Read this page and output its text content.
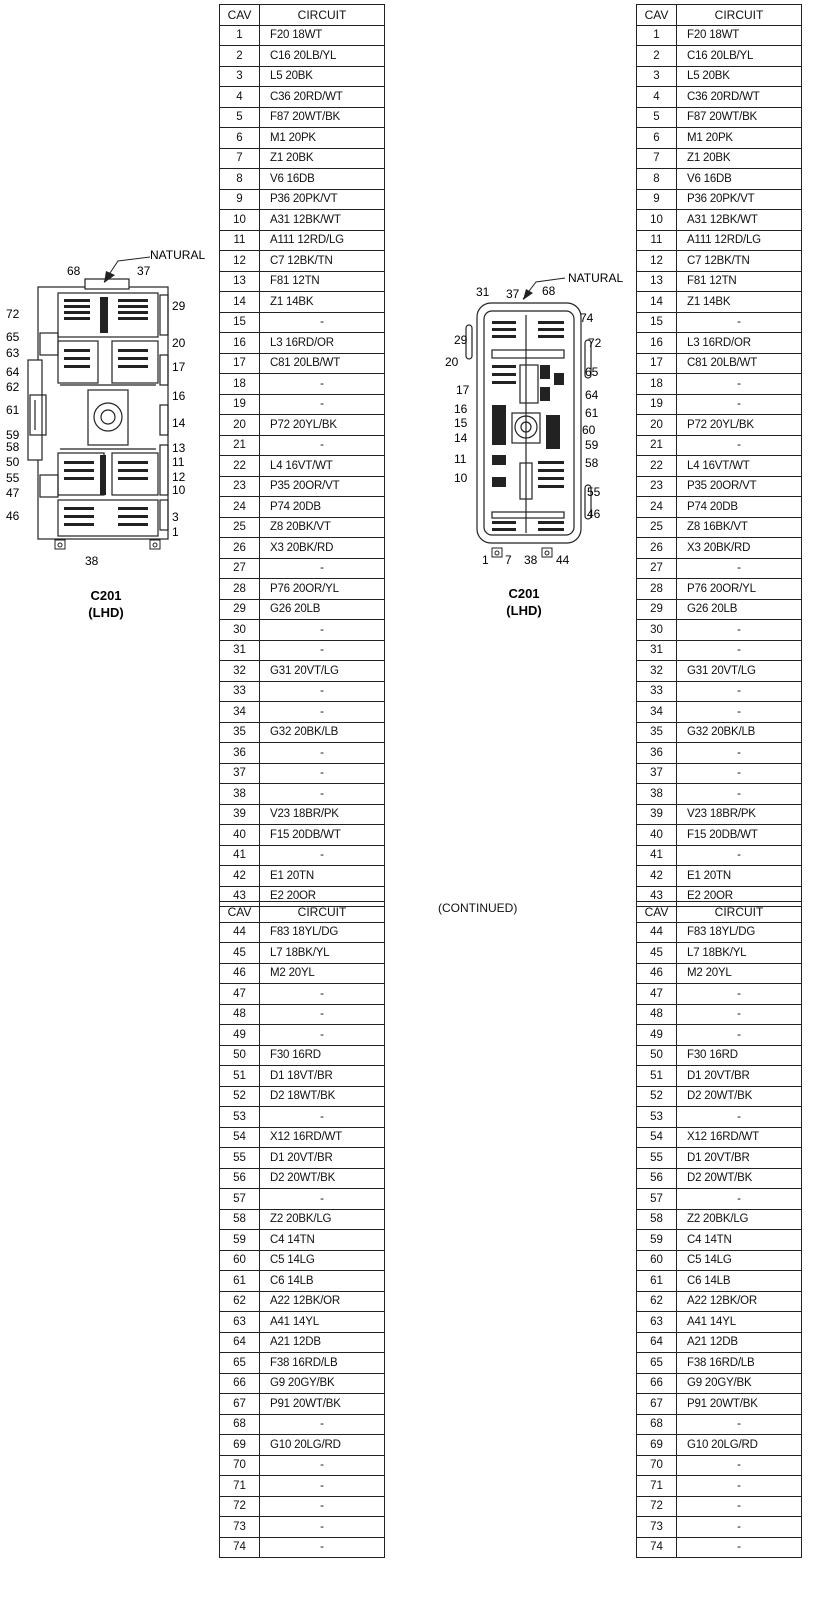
NATURAL
68	37
38
72
65
63
64
62
61
59
58
50
55
47
46
29
20
17
16
14
13
11
12
10
3
1
C201
(LHD)
NATURAL
31 37 68
1 7 38 44
29
20
17
16
15
14
11
10
74
72
65
64
61
60
59
58
55
46
C201
(LHD)
(CONTINUED)
CAV	CIRCUIT
1	F20 18WT
2	C16 20LB/YL
3	L5 20BK
4	C36 20RD/WT
5	F87 20WT/BK
6	M1 20PK
7	Z1 20BK
8	V6 16DB
9	P36 20PK/VT
10	A31 12BK/WT
11	A111 12RD/LG
12	C7 12BK/TN
13	F81 12TN
14	Z1 14BK
15	-
16	L3 16RD/OR
17	C81 20LB/WT
18	-
19	-
20	P72 20YL/BK
21	-
22	L4 16VT/WT
23	P35 20OR/VT
24	P74 20DB
25	Z8 20BK/VT
26	X3 20BK/RD
27	-
28	P76 20OR/YL
29	G26 20LB
30	-
31	-
32	G31 20VT/LG
33	-
34	-
35	G32 20BK/LB
36	-
37	-
38	-
39	V23 18BR/PK
40	F15 20DB/WT
41	-
42	E1 20TN
43	E2 20OR
CAV	CIRCUIT
44	F83 18YL/DG
45	L7 18BK/YL
46	M2 20YL
47	-
48	-
49	-
50	F30 16RD
51	D1 18VT/BR
52	D2 18WT/BK
53	-
54	X12 16RD/WT
55	D1 20VT/BR
56	D2 20WT/BK
57	-
58	Z2 20BK/LG
59	C4 14TN
60	C5 14LG
61	C6 14LB
62	A22 12BK/OR
63	A41 14YL
64	A21 12DB
65	F38 16RD/LB
66	G9 20GY/BK
67	P91 20WT/BK
68	-
69	G10 20LG/RD
70	-
71	-
72	-
73	-
74	-
CAV	CIRCUIT
1	F20 18WT
2	C16 20LB/YL
3	L5 20BK
4	C36 20RD/WT
5	F87 20WT/BK
6	M1 20PK
7	Z1 20BK
8	V6 16DB
9	P36 20PK/VT
10	A31 12BK/WT
11	A111 12RD/LG
12	C7 12BK/TN
13	F81 12TN
14	Z1 14BK
15	-
16	L3 16RD/OR
17	C81 20LB/WT
18	-
19	-
20	P72 20YL/BK
21	-
22	L4 16VT/WT
23	P35 20OR/VT
24	P74 20DB
25	Z8 16BK/VT
26	X3 20BK/RD
27	-
28	P76 20OR/YL
29	G26 20LB
30	-
31	-
32	G31 20VT/LG
33	-
34	-
35	G32 20BK/LB
36	-
37	-
38	-
39	V23 18BR/PK
40	F15 20DB/WT
41	-
42	E1 20TN
43	E2 20OR
CAV	CIRCUIT
44	F83 18YL/DG
45	L7 18BK/YL
46	M2 20YL
47	-
48	-
49	-
50	F30 16RD
51	D1 20VT/BR
52	D2 20WT/BK
53	-
54	X12 16RD/WT
55	D1 20VT/BR
56	D2 20WT/BK
57	-
58	Z2 20BK/LG
59	C4 14TN
60	C5 14LG
61	C6 14LB
62	A22 12BK/OR
63	A41 14YL
64	A21 12DB
65	F38 16RD/LB
66	G9 20GY/BK
67	P91 20WT/BK
68	-
69	G10 20LG/RD
70	-
71	-
72	-
73	-
74	-
